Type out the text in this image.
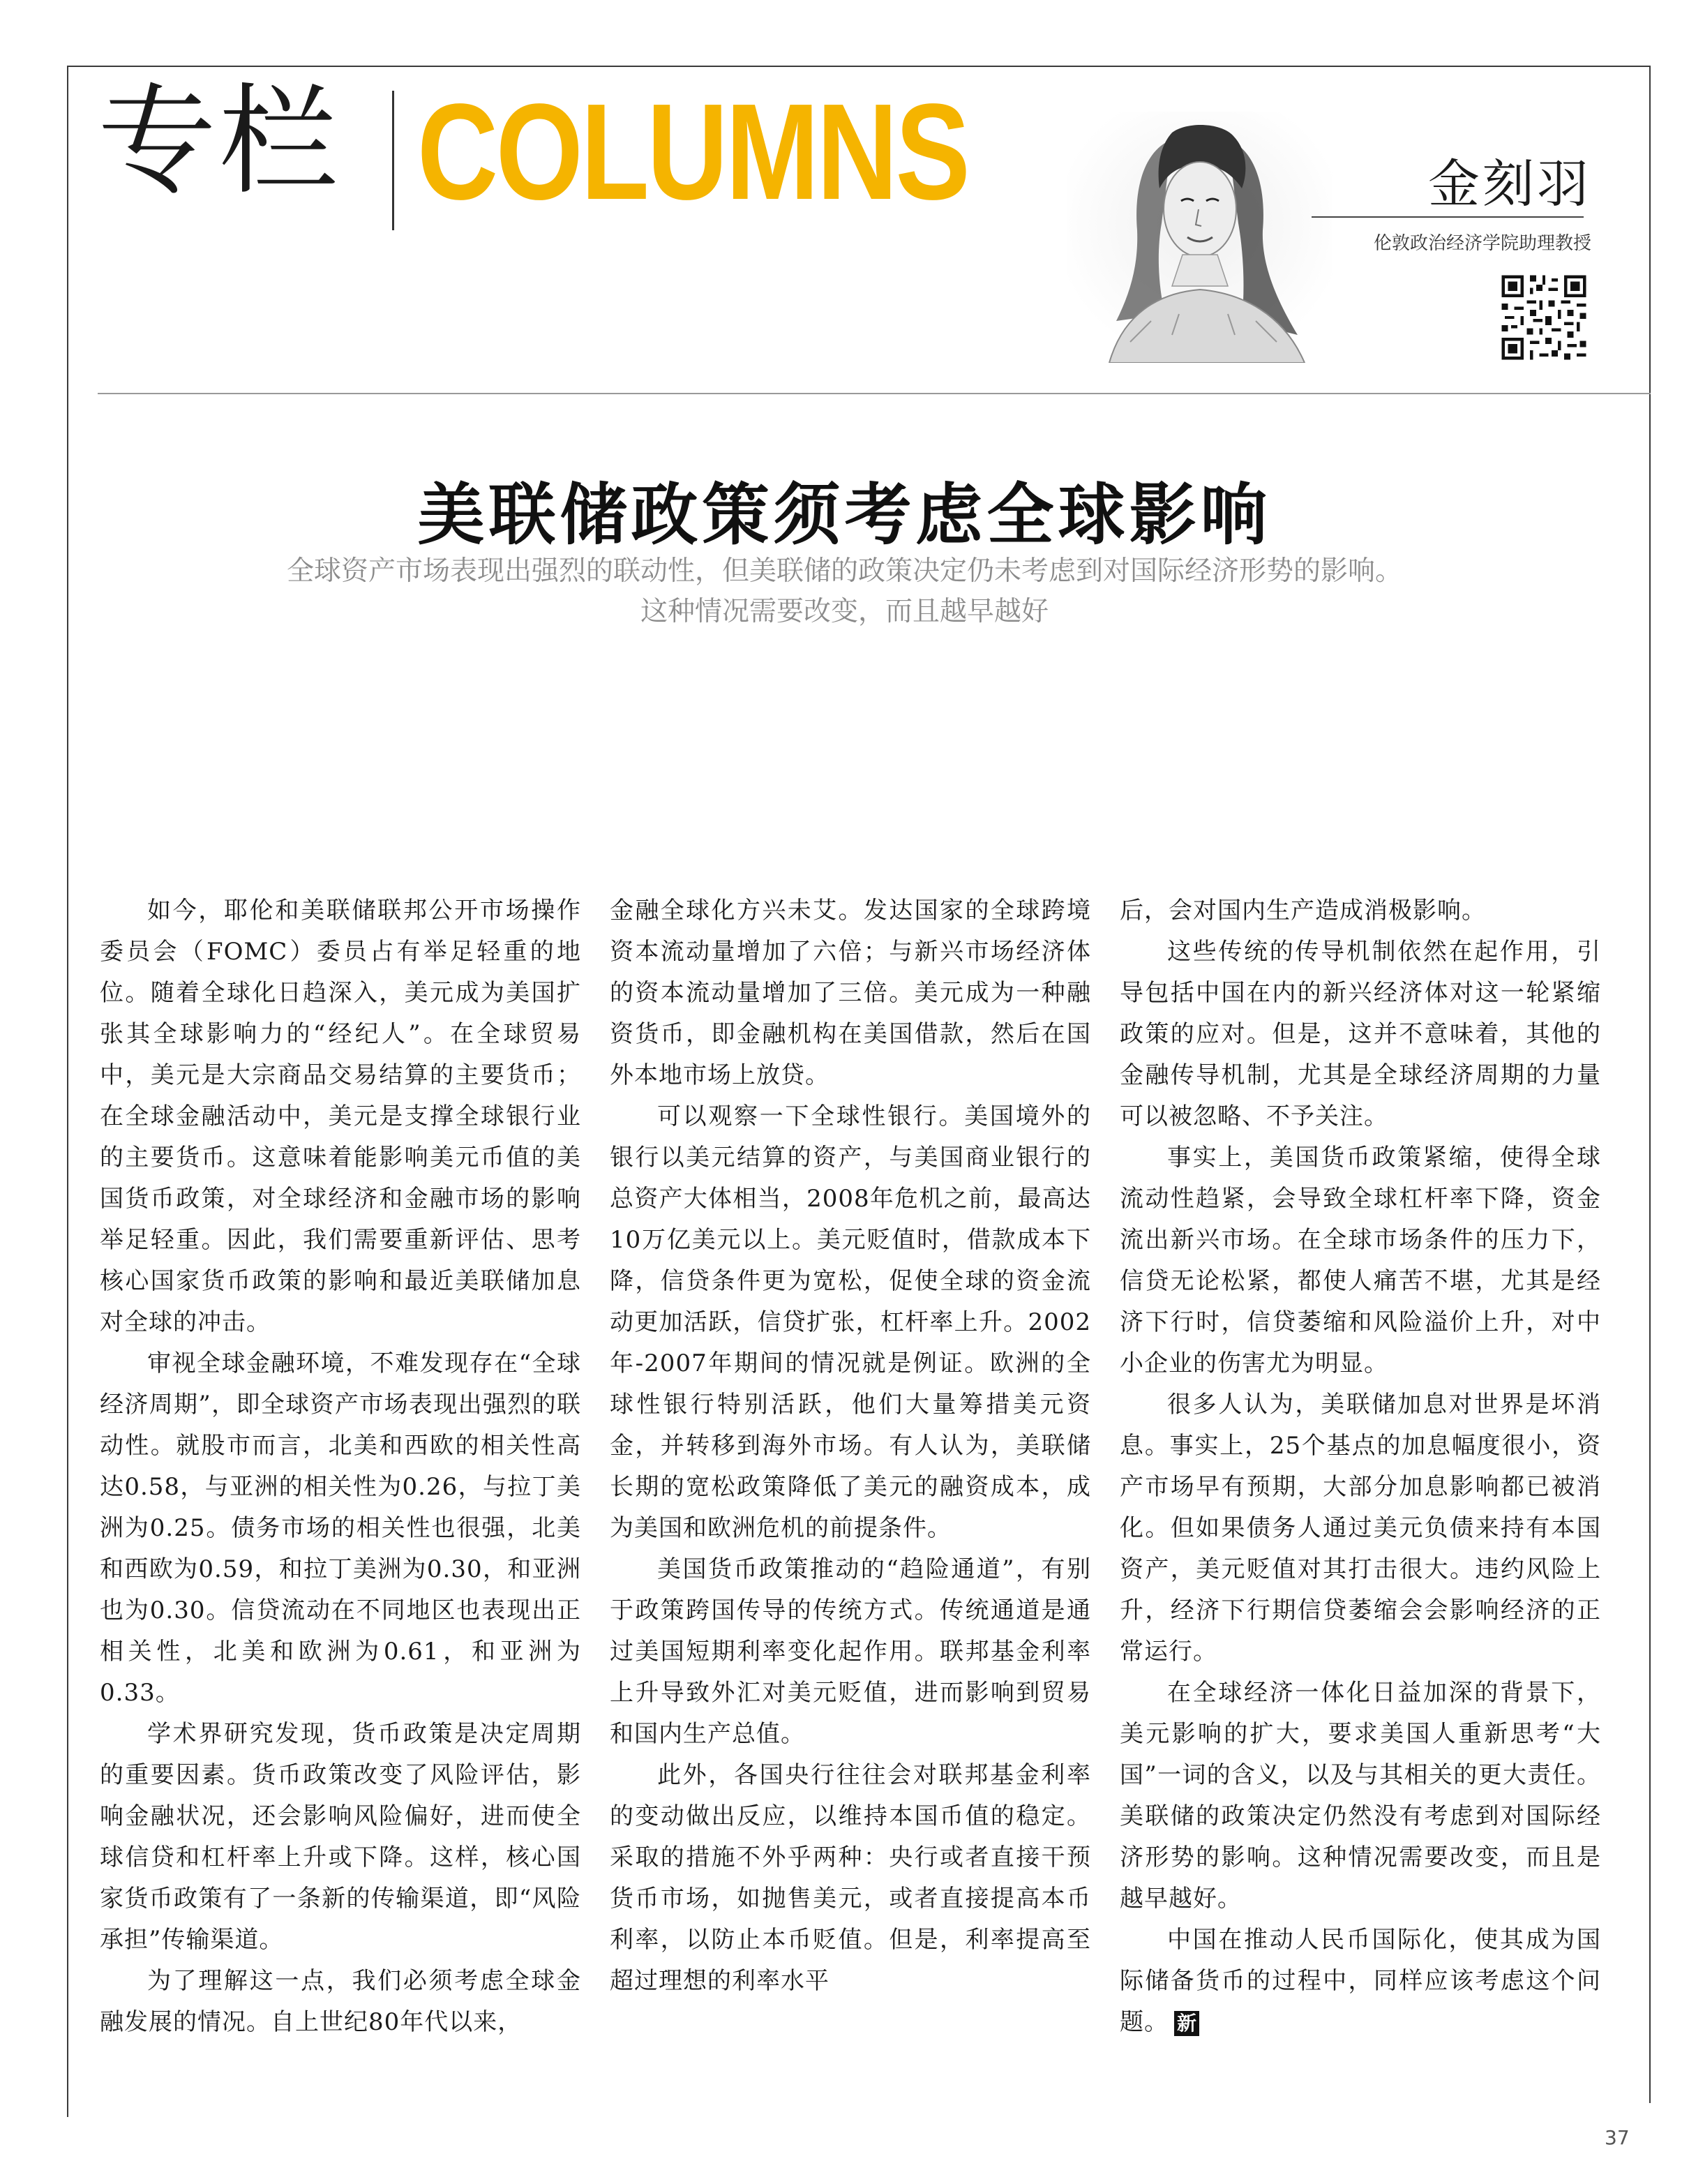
专栏 COLUMNS	金刻羽
伦敦政治经济学院助理教授
美联储政策须考虑全球影响
全球资产市场表现出强烈的联动性，但美联储的政策决定仍未考虑到对国际经济形势的影响。
这种情况需要改变，而且越早越好

如今，耶伦和美联储联邦公开市场操作委员会（FOMC）委员占有举足轻重的地位。随着全球化日趋深入，美元成为美国扩张其全球影响力的“经纪人”。在全球贸易中，美元是大宗商品交易结算的主要货币；在全球金融活动中，美元是支撑全球银行业的主要货币。这意味着能影响美元币值的美国货币政策，对全球经济和金融市场的影响举足轻重。因此，我们需要重新评估、思考核心国家货币政策的影响和最近美联储加息对全球的冲击。

审视全球金融环境，不难发现存在“全球经济周期”，即全球资产市场表现出强烈的联动性。就股市而言，北美和西欧的相关性高达0.58，与亚洲的相关性为0.26，与拉丁美洲为0.25。债务市场的相关性也很强，北美和西欧为0.59，和拉丁美洲为0.30，和亚洲也为0.30。信贷流动在不同地区也表现出正相关性，北美和欧洲为0.61，和亚洲为0.33。

学术界研究发现，货币政策是决定周期的重要因素。货币政策改变了风险评估，影响金融状况，还会影响风险偏好，进而使全球信贷和杠杆率上升或下降。这样，核心国家货币政策有了一条新的传输渠道，即“风险承担”传输渠道。

为了理解这一点，我们必须考虑全球金融发展的情况。自上世纪80年代以来，

金融全球化方兴未艾。发达国家的全球跨境资本流动量增加了六倍；与新兴市场经济体的资本流动量增加了三倍。美元成为一种融资货币，即金融机构在美国借款，然后在国外本地市场上放贷。

可以观察一下全球性银行。美国境外的银行以美元结算的资产，与美国商业银行的总资产大体相当，2008年危机之前，最高达10万亿美元以上。美元贬值时，借款成本下降，信贷条件更为宽松，促使全球的资金流动更加活跃，信贷扩张，杠杆率上升。2002年-2007年期间的情况就是例证。欧洲的全球性银行特别活跃，他们大量筹措美元资金，并转移到海外市场。有人认为，美联储长期的宽松政策降低了美元的融资成本，成为美国和欧洲危机的前提条件。

美国货币政策推动的“趋险通道”，有别于政策跨国传导的传统方式。传统通道是通过美国短期利率变化起作用。联邦基金利率上升导致外汇对美元贬值，进而影响到贸易和国内生产总值。

此外，各国央行往往会对联邦基金利率的变动做出反应，以维持本国币值的稳定。采取的措施不外乎两种：央行或者直接干预货币市场，如抛售美元，或者直接提高本币利率，以防止本币贬值。但是，利率提高至超过理想的利率水平

后，会对国内生产造成消极影响。

这些传统的传导机制依然在起作用，引导包括中国在内的新兴经济体对这一轮紧缩政策的应对。但是，这并不意味着，其他的金融传导机制，尤其是全球经济周期的力量可以被忽略、不予关注。

事实上，美国货币政策紧缩，使得全球流动性趋紧，会导致全球杠杆率下降，资金流出新兴市场。在全球市场条件的压力下，信贷无论松紧，都使人痛苦不堪，尤其是经济下行时，信贷萎缩和风险溢价上升，对中小企业的伤害尤为明显。

很多人认为，美联储加息对世界是坏消息。事实上，25个基点的加息幅度很小，资产市场早有预期，大部分加息影响都已被消化。但如果债务人通过美元负债来持有本国资产，美元贬值对其打击很大。违约风险上升，经济下行期信贷萎缩会会影响经济的正常运行。

在全球经济一体化日益加深的背景下，美元影响的扩大，要求美国人重新思考“大国”一词的含义，以及与其相关的更大责任。美联储的政策决定仍然没有考虑到对国际经济形势的影响。这种情况需要改变，而且是越早越好。

中国在推动人民币国际化，使其成为国际储备货币的过程中，同样应该考虑这个问题。 新

37
